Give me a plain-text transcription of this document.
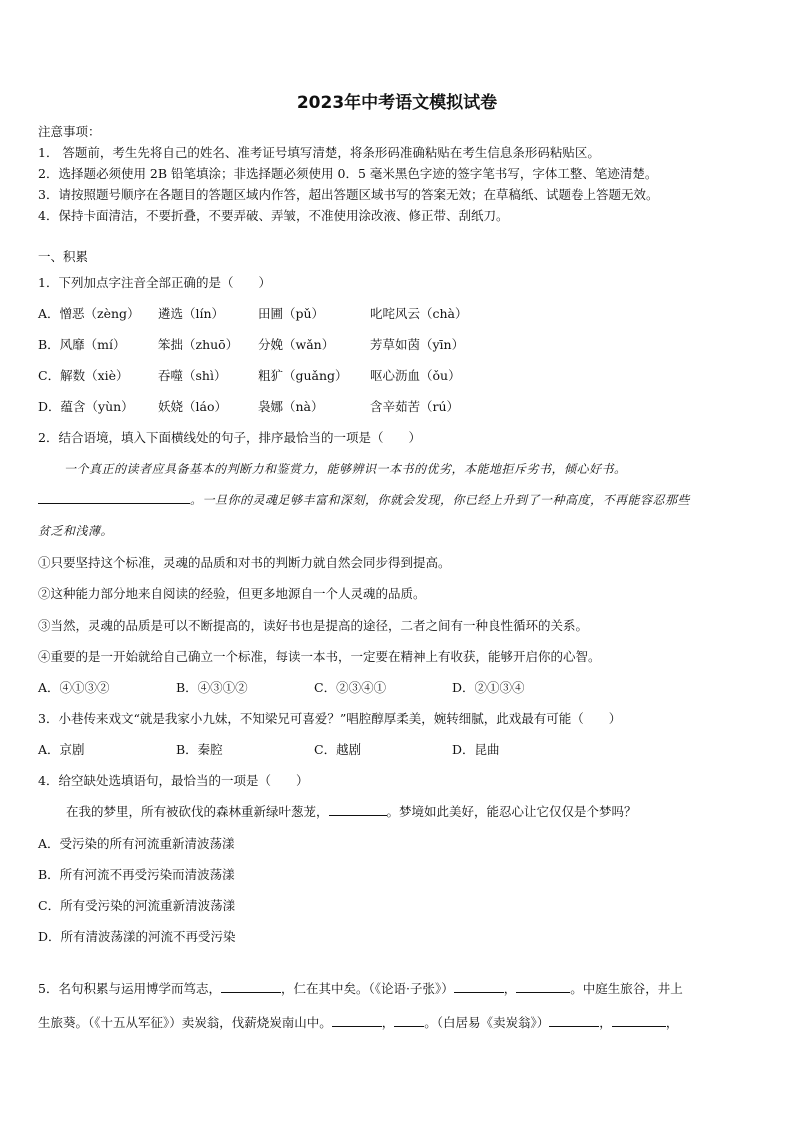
2023年中考语文模拟试卷
注意事项：
1． 答题前，考生先将自己的姓名、准考证号填写清楚，将条形码准确粘贴在考生信息条形码粘贴区。
2．选择题必须使用 2B 铅笔填涂；非选择题必须使用 0．5 毫米黑色字迹的签字笔书写，字体工整、笔迹清楚。
3．请按照题号顺序在各题目的答题区域内作答，超出答题区域书写的答案无效；在草稿纸、试题卷上答题无效。
4．保持卡面清洁，不要折叠，不要弄破、弄皱，不准使用涂改液、修正带、刮纸刀。
一、积累
1．下列加点字注音全部正确的是（　　）
A．憎恶（zèng） 遴选（lín）	田圃（pǔ）	叱咤风云（chà）
B．风靡（mí）	笨拙（zhuō） 分娩（wǎn）	芳草如茵（yīn）
C．解数（xiè） 吞噬（shì）	粗犷（guǎng） 呕心沥血（ǒu）
D．蕴含（yùn） 妖娆（láo） 袅娜（nà）	含辛茹苦（rú）
2．结合语境，填入下面横线处的句子，排序最恰当的一项是（　　）
一个真正的读者应具备基本的判断力和鉴赏力，能够辨识一本书的优劣，本能地拒斥劣书，倾心好书。
。一旦你的灵魂足够丰富和深刻，你就会发现，你已经上升到了一种高度，不再能容忍那些
贫乏和浅薄。
①只要坚持这个标准，灵魂的品质和对书的判断力就自然会同步得到提高。
②这种能力部分地来自阅读的经验，但更多地源自一个人灵魂的品质。
③当然，灵魂的品质是可以不断提高的，读好书也是提高的途径，二者之间有一种良性循环的关系。
④重要的是一开始就给自己确立一个标准，每读一本书，一定要在精神上有收获，能够开启你的心智。
A．④①③②	B．④③①②	C．②③④①	D．②①③④
3．小巷传来戏文“就是我家小九妹，不知梁兄可喜爱？”唱腔醇厚柔美，婉转细腻，此戏最有可能（　　）
A．京剧	B．秦腔	C．越剧	D．昆曲
4．给空缺处选填语句，最恰当的一项是（　　）
在我的梦里，所有被砍伐的森林重新绿叶葱茏，	。梦境如此美好，能忍心让它仅仅是个梦吗？
A．受污染的所有河流重新清波荡漾
B．所有河流不再受污染而清波荡漾
C．所有受污染的河流重新清波荡漾
D．所有清波荡漾的河流不再受污染
5．名句积累与运用博学而笃志，	，仁在其中矣。（《论语·子张》）	，	。中庭生旅谷，井上
生旅葵。（《十五从军征》）卖炭翁，伐薪烧炭南山中。	， 。（白居易《卖炭翁》）	，	，
